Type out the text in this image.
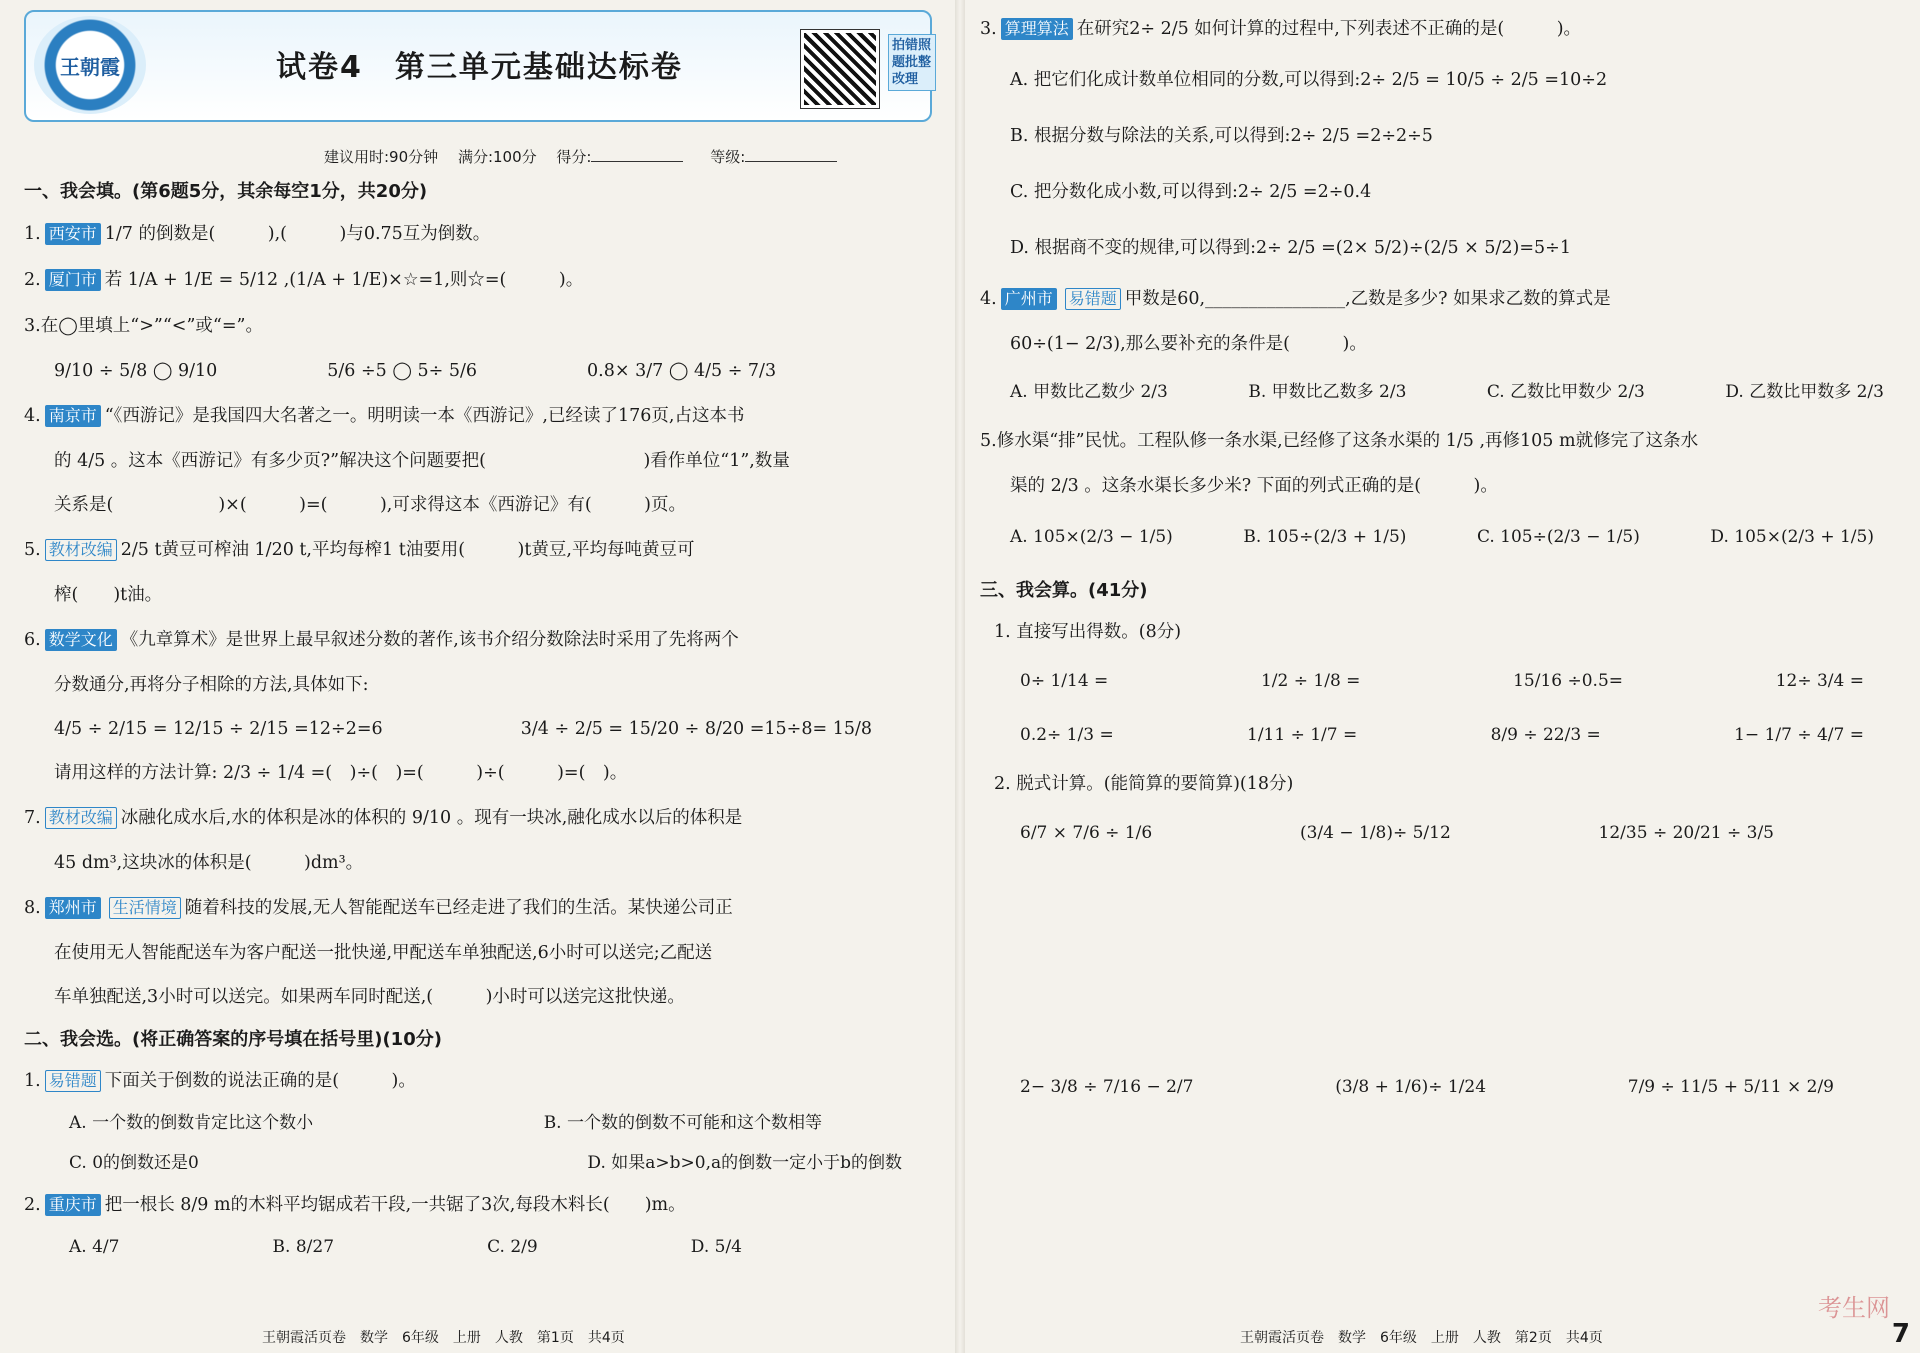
王朝霞	试卷4　第三单元基础达标卷
拍错照题批整改理
建议用时:90分钟　 满分:100分　 得分:	等级:
一、我会填。(第6题5分，其余每空1分，共20分)
1. 西安市 1/7 的倒数是(　　　),(　　　)与0.75互为倒数。
2. 厦门市 若 1/A + 1/E = 5/12 ,(1/A + 1/E)×☆=1,则☆=(　　　)。
3.在◯里填上“>”“<”或“=”。
9/10 ÷ 5/8 ◯ 9/10	5/6 ÷5 ◯ 5÷ 5/6	0.8× 3/7 ◯ 4/5 ÷ 7/3
4. 南京市 “《西游记》是我国四大名著之一。明明读一本《西游记》,已经读了176页,占这本书
的 4/5 。这本《西游记》有多少页?”解决这个问题要把(　　　　　　　　　)看作单位“1”,数量
关系是(　　　　　　)×(　　　)=(　　　),可求得这本《西游记》有(　　　)页。
5. 教材改编 2/5 t黄豆可榨油 1/20 t,平均每榨1 t油要用(　　　)t黄豆,平均每吨黄豆可
榨(　　)t油。
6. 数学文化 《九章算术》是世界上最早叙述分数的著作,该书介绍分数除法时采用了先将两个
分数通分,再将分子相除的方法,具体如下:
4/5 ÷ 2/15 = 12/15 ÷ 2/15 =12÷2=6	3/4 ÷ 2/5 = 15/20 ÷ 8/20 =15÷8= 15/8
请用这样的方法计算: 2/3 ÷ 1/4 =(　)÷(　)=(　　　)÷(　　　)=(　)。
7. 教材改编 冰融化成水后,水的体积是冰的体积的 9/10 。现有一块冰,融化成水以后的体积是
45 dm³,这块冰的体积是(　　　)dm³。
8. 郑州市 生活情境 随着科技的发展,无人智能配送车已经走进了我们的生活。某快递公司正
在使用无人智能配送车为客户配送一批快递,甲配送车单独配送,6小时可以送完;乙配送
车单独配送,3小时可以送完。如果两车同时配送,(　　　)小时可以送完这批快递。
二、我会选。(将正确答案的序号填在括号里)(10分)
1. 易错题 下面关于倒数的说法正确的是(　　　)。
A. 一个数的倒数肯定比这个数小	B. 一个数的倒数不可能和这个数相等
C. 0的倒数还是0	D. 如果a>b>0,a的倒数一定小于b的倒数
2. 重庆市 把一根长 8/9 m的木料平均锯成若干段,一共锯了3次,每段木料长(　　)m。
A. 4/7	B. 8/27	C. 2/9	D. 5/4
王朝霞活页卷　数学　6年级　上册　人教　第1页　共4页
3. 算理算法 在研究2÷ 2/5 如何计算的过程中,下列表述不正确的是(　　　)。
A. 把它们化成计数单位相同的分数,可以得到:2÷ 2/5 = 10/5 ÷ 2/5 =10÷2
B. 根据分数与除法的关系,可以得到:2÷ 2/5 =2÷2÷5
C. 把分数化成小数,可以得到:2÷ 2/5 =2÷0.4
D. 根据商不变的规律,可以得到:2÷ 2/5 =(2× 5/2)÷(2/5 × 5/2)=5÷1
4. 广州市 易错题 甲数是60,________________,乙数是多少? 如果求乙数的算式是
60÷(1− 2/3),那么要补充的条件是(　　　)。
A. 甲数比乙数少 2/3	B. 甲数比乙数多 2/3	C. 乙数比甲数少 2/3	D. 乙数比甲数多 2/3
5.修水渠“排”民忧。工程队修一条水渠,已经修了这条水渠的 1/5 ,再修105 m就修完了这条水
渠的 2/3 。这条水渠长多少米? 下面的列式正确的是(　　　)。
A. 105×(2/3 − 1/5)	B. 105÷(2/3 + 1/5)	C. 105÷(2/3 − 1/5)	D. 105×(2/3 + 1/5)
三、我会算。(41分)
1. 直接写出得数。(8分)
0÷ 1/14 =	1/2 ÷ 1/8 =	15/16 ÷0.5=	12÷ 3/4 =
0.2÷ 1/3 =	1/11 ÷ 1/7 =	8/9 ÷ 22/3 =	1− 1/7 ÷ 4/7 =
2. 脱式计算。(能简算的要简算)(18分)
6/7 × 7/6 ÷ 1/6	(3/4 − 1/8)÷ 5/12	12/35 ÷ 20/21 ÷ 3/5
2− 3/8 ÷ 7/16 − 2/7	(3/8 + 1/6)÷ 1/24	7/9 ÷ 11/5 + 5/11 × 2/9
王朝霞活页卷　数学　6年级　上册　人教　第2页　共4页
考生网
7
